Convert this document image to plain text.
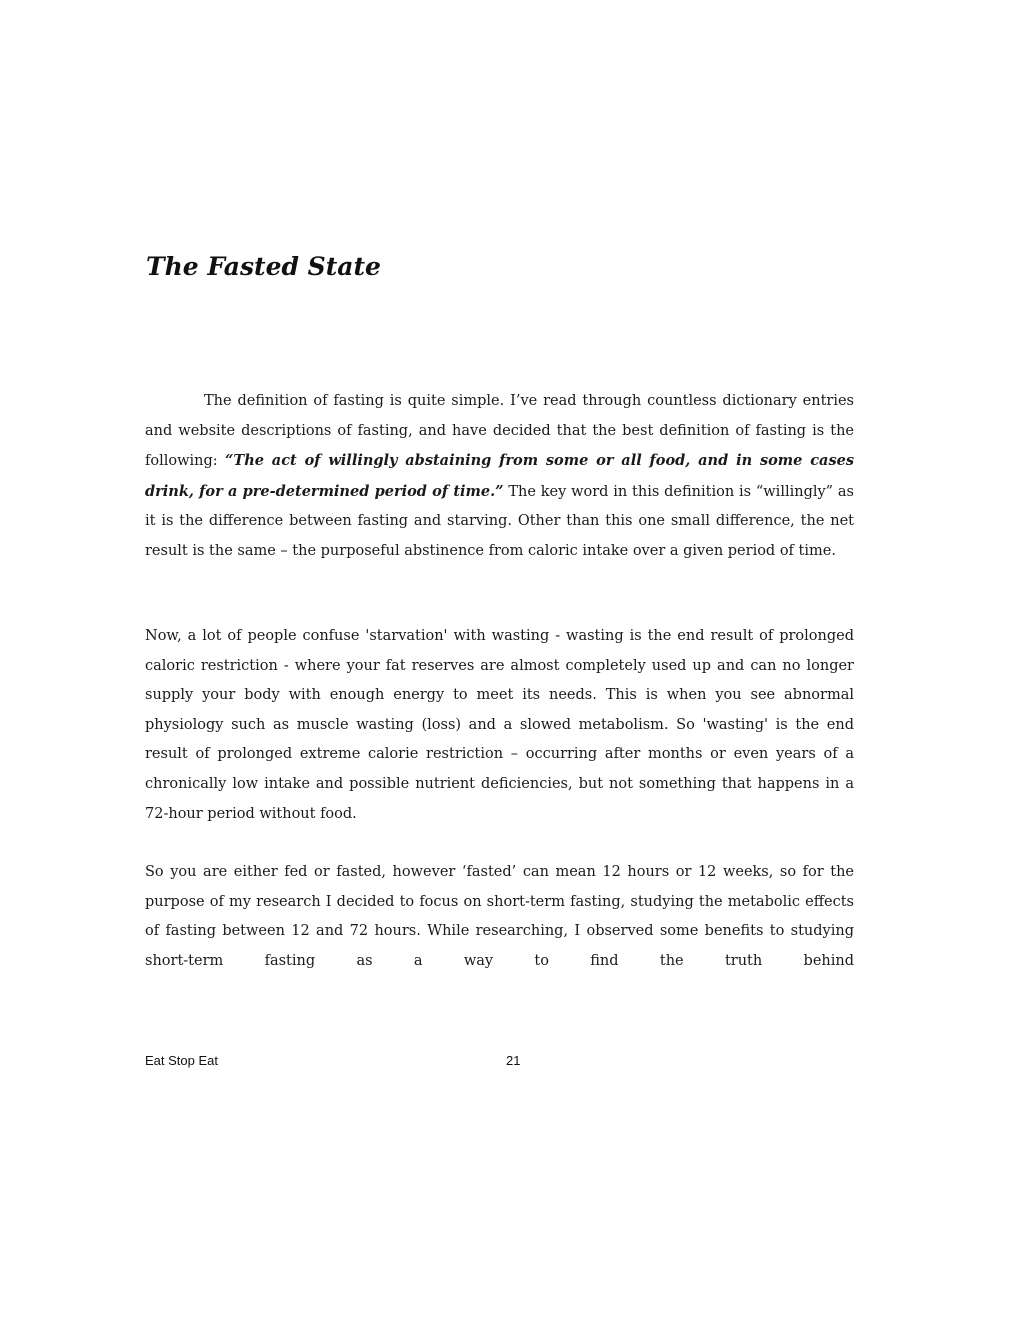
The Fasted State

The definition of fasting is quite simple. I’ve read through countless dictionary entries and website descriptions of fasting, and have decided that the best definition of fasting is the following: “The act of willingly abstaining from some or all food, and in some cases drink, for a pre-determined period of time.” The key word in this definition is “willingly” as it is the difference between fasting and starving. Other than this one small difference, the net result is the same – the purposeful abstinence from caloric intake over a given period of time.

Now, a lot of people confuse 'starvation' with wasting - wasting is the end result of prolonged caloric restriction - where your fat reserves are almost completely used up and can no longer supply your body with enough energy to meet its needs. This is when you see abnormal physiology such as muscle wasting (loss) and a slowed metabolism. So 'wasting' is the end result of prolonged extreme calorie restriction – occurring after months or even years of a chronically low intake and possible nutrient deficiencies, but not something that happens in a 72-hour period without food.

So you are either fed or fasted, however ‘fasted’ can mean 12 hours or 12 weeks, so for the purpose of my research I decided to focus on short-term fasting, studying the metabolic effects of fasting between 12 and 72 hours. While researching, I observed some benefits to studying short-term fasting as a way to find the truth behind

Eat Stop Eat	21
